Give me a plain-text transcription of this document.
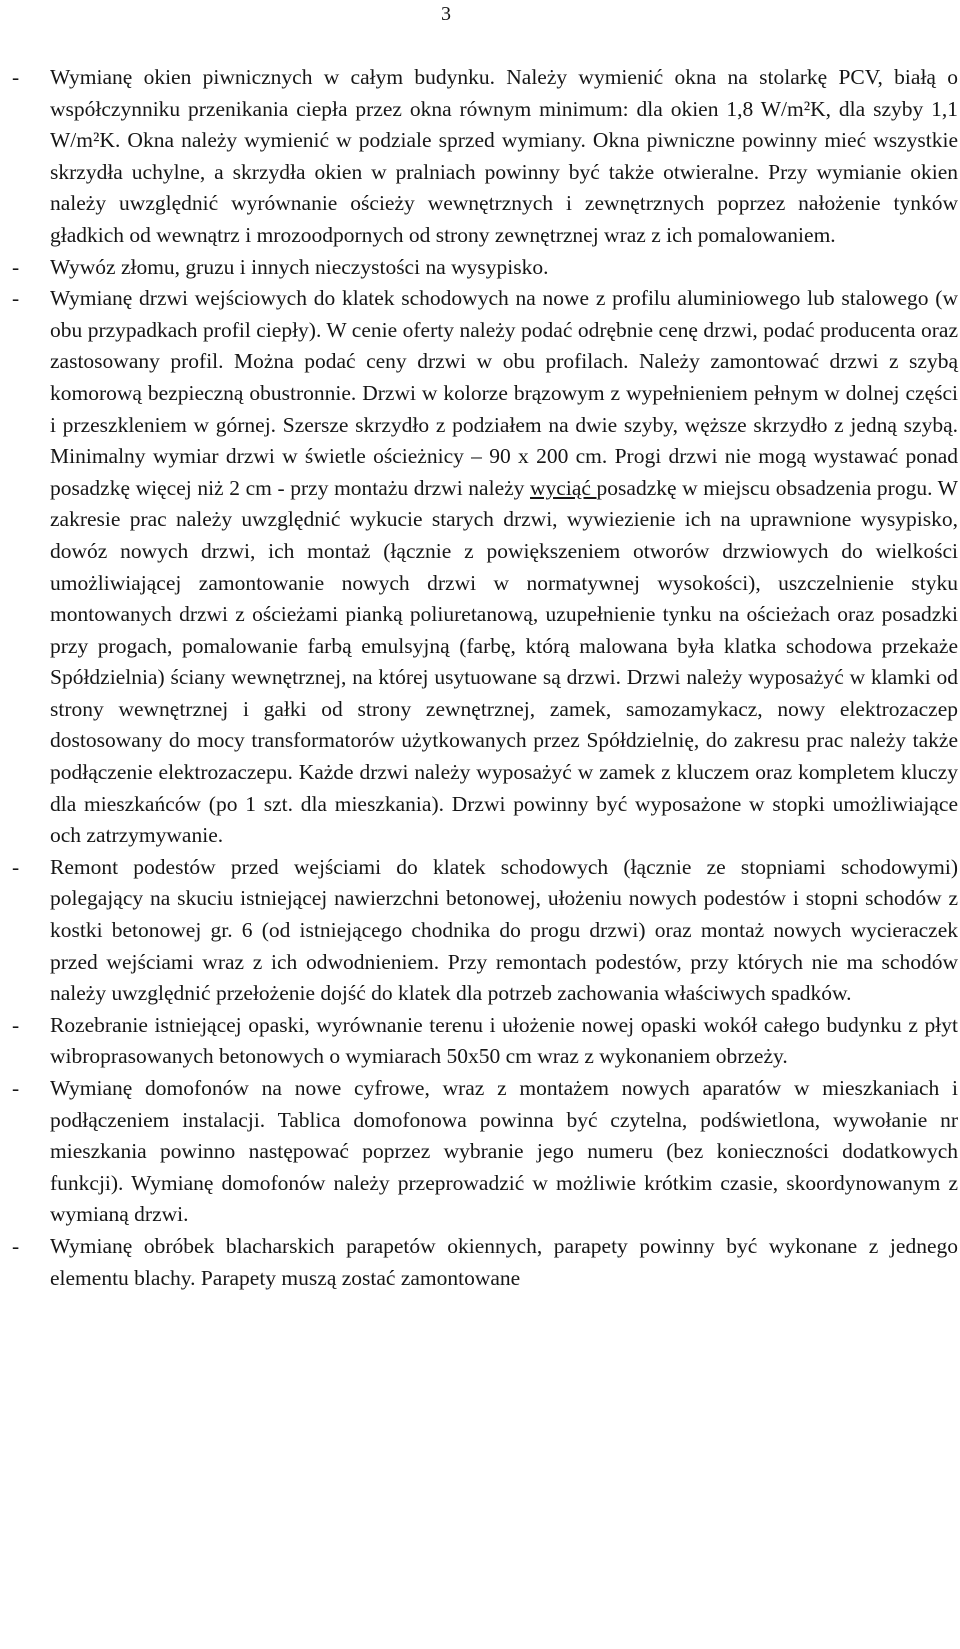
3
-	Wymianę okien piwnicznych w całym budynku. Należy wymienić okna na stolarkę PCV, białą o współczynniku przenikania ciepła przez okna równym minimum: dla okien 1,8 W/m²K, dla szyby 1,1 W/m²K. Okna należy wymienić w podziale sprzed wymiany. Okna piwniczne powinny mieć wszystkie skrzydła uchylne, a skrzydła okien w pralniach powinny być także otwieralne. Przy wymianie okien należy uwzględnić wyrównanie ościeży wewnętrznych i zewnętrznych poprzez nałożenie tynków gładkich od wewnątrz i mrozoodpornych od strony zewnętrznej wraz z ich pomalowaniem.
-	Wywóz złomu, gruzu i innych nieczystości na wysypisko.
-	Wymianę drzwi wejściowych do klatek schodowych na nowe z profilu aluminiowego lub stalowego (w obu przypadkach profil ciepły). W cenie oferty należy podać odrębnie cenę drzwi, podać producenta oraz zastosowany profil. Można podać ceny drzwi w obu profilach. Należy zamontować drzwi z szybą komorową bezpieczną obustronnie. Drzwi w kolorze brązowym z wypełnieniem pełnym w dolnej części i przeszkleniem w górnej. Szersze skrzydło z podziałem na dwie szyby, węższe skrzydło z jedną szybą. Minimalny wymiar drzwi w świetle ościeżnicy – 90 x 200 cm. Progi drzwi nie mogą wystawać ponad posadzkę więcej niż 2 cm - przy montażu drzwi należy wyciąć posadzkę w miejscu obsadzenia progu. W zakresie prac należy uwzględnić wykucie starych drzwi, wywiezienie ich na uprawnione wysypisko, dowóz nowych drzwi, ich montaż (łącznie z powiększeniem otworów drzwiowych do wielkości umożliwiającej zamontowanie nowych drzwi w normatywnej wysokości), uszczelnienie styku montowanych drzwi z ościeżami pianką poliuretanową, uzupełnienie tynku na ościeżach oraz posadzki przy progach, pomalowanie farbą emulsyjną (farbę, którą malowana była klatka schodowa przekaże Spółdzielnia) ściany wewnętrznej, na której usytuowane są drzwi. Drzwi należy wyposażyć w klamki od strony wewnętrznej i gałki od strony zewnętrznej, zamek, samozamykacz, nowy elektrozaczep dostosowany do mocy transformatorów użytkowanych przez Spółdzielnię, do zakresu prac należy także podłączenie elektrozaczepu. Każde drzwi należy wyposażyć w zamek z kluczem oraz kompletem kluczy dla mieszkańców (po 1 szt. dla mieszkania). Drzwi powinny być wyposażone w stopki umożliwiające och zatrzymywanie.
-	Remont podestów przed wejściami do klatek schodowych (łącznie ze stopniami schodowymi) polegający na skuciu istniejącej nawierzchni betonowej, ułożeniu nowych podestów i stopni schodów z kostki betonowej gr. 6 (od istniejącego chodnika do progu drzwi) oraz montaż nowych wycieraczek przed wejściami wraz z ich odwodnieniem. Przy remontach podestów, przy których nie ma schodów należy uwzględnić przełożenie dojść do klatek dla potrzeb zachowania właściwych spadków.
-	Rozebranie istniejącej opaski, wyrównanie terenu i ułożenie nowej opaski wokół całego budynku z płyt wibroprasowanych betonowych o wymiarach 50x50 cm wraz z wykonaniem obrzeży.
-	Wymianę domofonów na nowe cyfrowe, wraz z montażem nowych aparatów w mieszkaniach i podłączeniem instalacji. Tablica domofonowa powinna być czytelna, podświetlona, wywołanie nr mieszkania powinno następować poprzez wybranie jego numeru (bez konieczności dodatkowych funkcji). Wymianę domofonów należy przeprowadzić w możliwie krótkim czasie, skoordynowanym z wymianą drzwi.
-	Wymianę obróbek blacharskich parapetów okiennych, parapety powinny być wykonane z jednego elementu blachy. Parapety muszą zostać zamontowane
